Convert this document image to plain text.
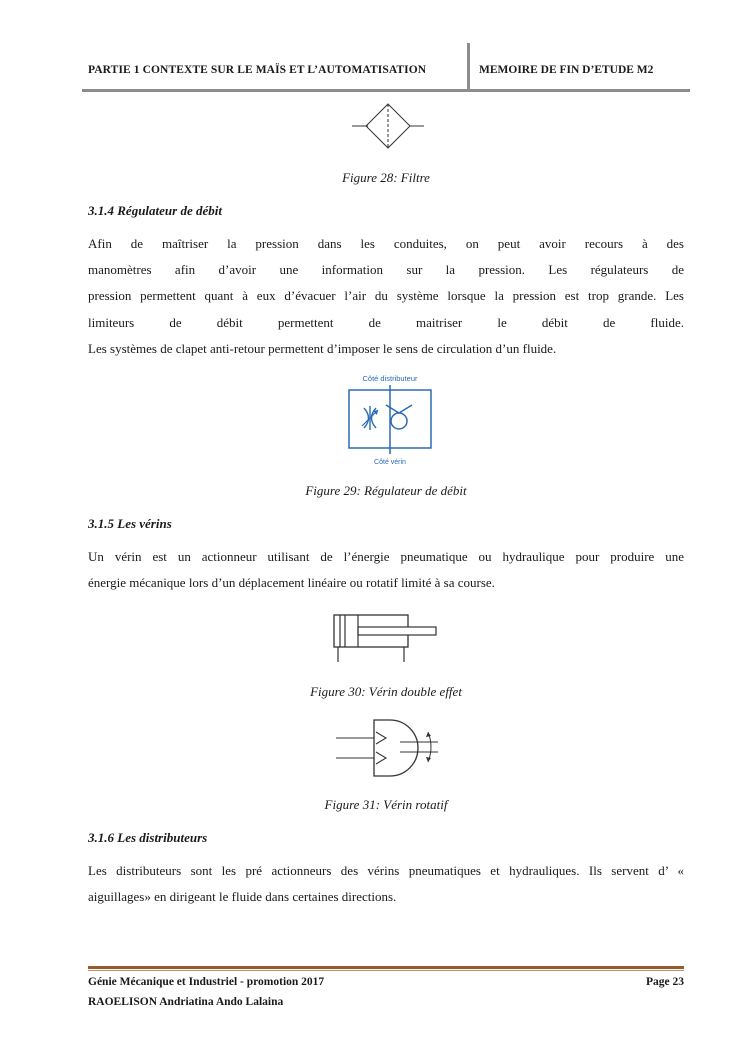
PARTIE 1 CONTEXTE SUR LE MAÏS ET L’AUTOMATISATION	MEMOIRE DE FIN D’ETUDE M2
Figure 28: Filtre
3.1.4 Régulateur de débit
Afin de maîtriser la pression dans les conduites, on peut avoir recours à des
manomètres afin d’avoir une information sur la pression. Les régulateurs de
pression permettent quant à eux d’évacuer l’air du système lorsque la pression est trop grande. Les
limiteurs de débit permettent de maitriser le débit de fluide.
Les systèmes de clapet anti-retour permettent d’imposer le sens de circulation d’un fluide.
Côté distributeur
Côté vérin
Figure 29: Régulateur de débit
3.1.5 Les vérins
Un vérin est un actionneur utilisant de l’énergie pneumatique ou hydraulique pour produire une
énergie mécanique lors d’un déplacement linéaire ou rotatif limité à sa course.
Figure 30: Vérin double effet
Figure 31: Vérin rotatif
3.1.6 Les distributeurs
Les distributeurs sont les pré actionneurs des vérins pneumatiques et hydrauliques. Ils servent d’ «
aiguillages» en dirigeant le fluide dans certaines directions.
Génie Mécanique et Industriel - promotion 2017	Page 23
RAOELISON Andriatina Ando Lalaina
